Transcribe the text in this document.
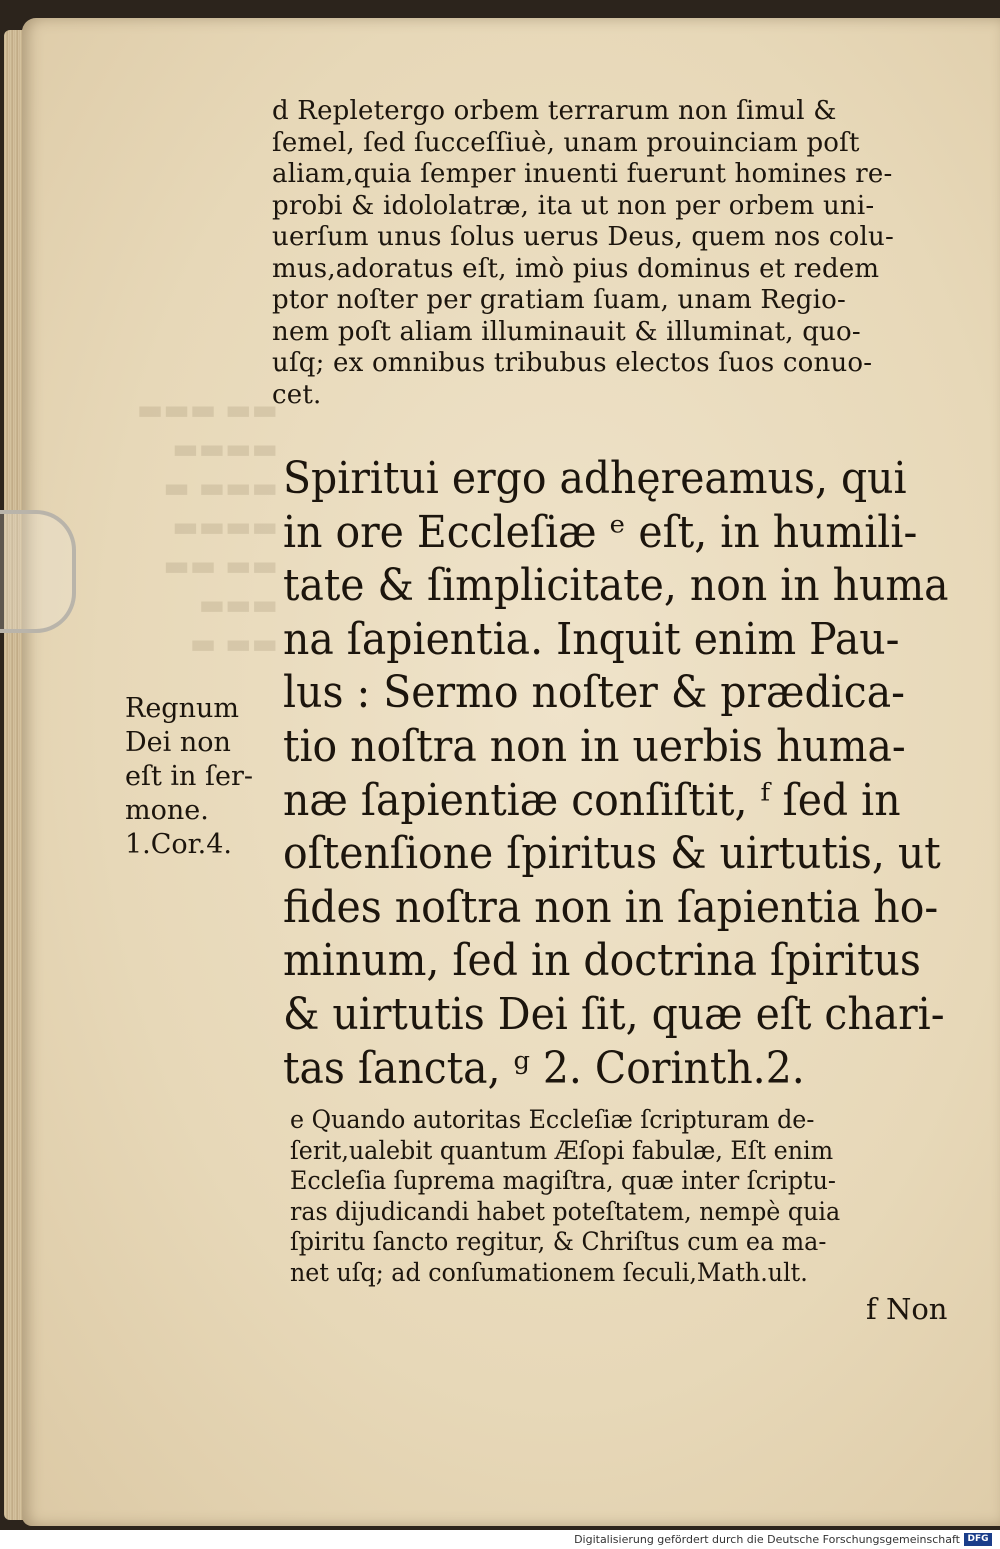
▬▬ ▬▬▬
▬▬▬▬
▬▬▬ ▬
▬▬▬▬
▬▬ ▬▬
▬▬▬
▬▬ ▬
d Repletergo orbem terrarum non ſimul &
ſemel, ſed ſucceſſiuè, unam prouinciam poſt
aliam,quia ſemper inuenti fuerunt homines re-
probi & idololatræ, ita ut non per orbem uni-
uerſum unus ſolus uerus Deus, quem nos colu-
mus,adoratus eſt, imò pius dominus et redem
ptor noſter per gratiam ſuam, unam Regio-
nem poſt aliam illuminauit & illuminat, quo-
uſq; ex omnibus tribubus electos ſuos conuo-
cet.
Spiritui ergo adhęreamus, qui
in ore Eccleſiæ ᵉ eſt, in humili-
tate & ſimplicitate, non in huma
na ſapientia. Inquit enim Pau-
lus : Sermo noſter & prædica-
tio noſtra non in uerbis huma-
næ ſapientiæ conſiſtit, ᶠ ſed in
oſtenſione ſpiritus & uirtutis, ut
fides noſtra non in ſapientia ho-
minum, ſed in doctrina ſpiritus
& uirtutis Dei ſit, quæ eſt chari-
tas ſancta, ᵍ 2. Corinth.2.
Regnum
Dei non
eſt in ſer-
mone.
1.Cor.4.
e Quando autoritas Eccleſiæ ſcripturam de-
ſerit,ualebit quantum Æſopi fabulæ, Eſt enim
Eccleſia ſuprema magiſtra, quæ inter ſcriptu-
ras dijudicandi habet poteſtatem, nempè quia
ſpiritu ſancto regitur, & Chriſtus cum ea ma-
net uſq; ad conſumationem ſeculi,Math.ult.
f Non
Digitalisierung gefördert durch die Deutsche Forschungsgemeinschaft DFG
